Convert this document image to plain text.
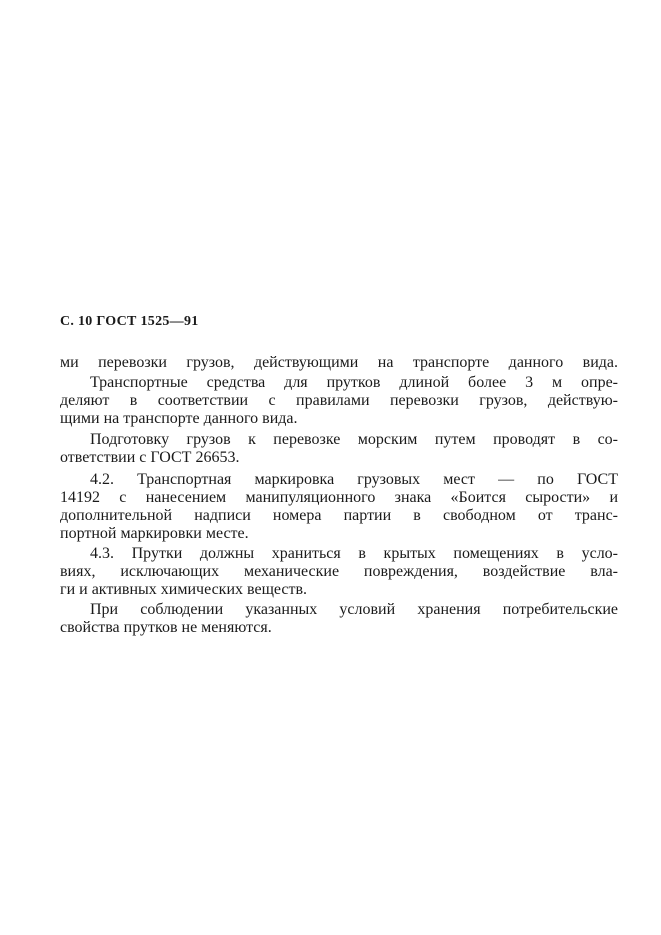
С. 10 ГОСТ 1525—91
ми перевозки грузов, действующими на транспорте данного вида.
Транспортные средства для прутков длиной более 3 м опре-
деляют в соответствии с правилами перевозки грузов, действую-
щими на транспорте данного вида.
Подготовку грузов к перевозке морским путем проводят в со-
ответствии с ГОСТ 26653.
4.2. Транспортная маркировка грузовых мест — по ГОСТ
14192 с нанесением манипуляционного знака «Боится сырости» и
дополнительной надписи номера партии в свободном от транс-
портной маркировки месте.
4.3. Прутки должны храниться в крытых помещениях в усло-
виях, исключающих механические повреждения, воздействие вла-
ги и активных химических веществ.
При соблюдении указанных условий хранения потребительские
свойства прутков не меняются.
